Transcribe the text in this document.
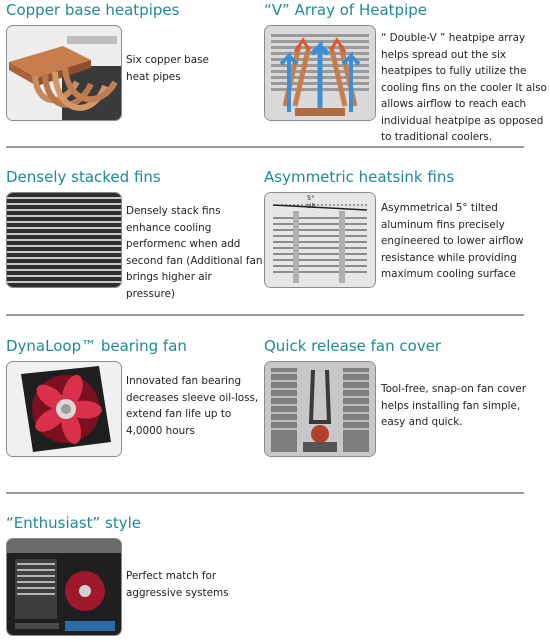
Copper base heatpipes
Six copper base heat pipes
“V” Array of Heatpipe
“ Double-V ” heatpipe array helps spread out the six heatpipes to fully utilize the cooling fins on the cooler It also allows airflow to reach each individual heatpipe as opposed to traditional coolers.
Densely stacked fins
Densely stack fins enhance cooling performenc when add second fan (Additional fan brings higher air pressure)
Asymmetric heatsink fins
5° tilt	Asymmetrical 5° tilted aluminum fins precisely engineered to lower airflow resistance while providing maximum cooling surface
DynaLoop™ bearing fan
Innovated fan bearing decreases sleeve oil-loss, extend fan life up to 4,0000 hours
Quick release fan cover
Tool-free, snap-on fan cover helps installing fan simple, easy and quick.
“Enthusiast” style
Perfect match for aggressive systems
